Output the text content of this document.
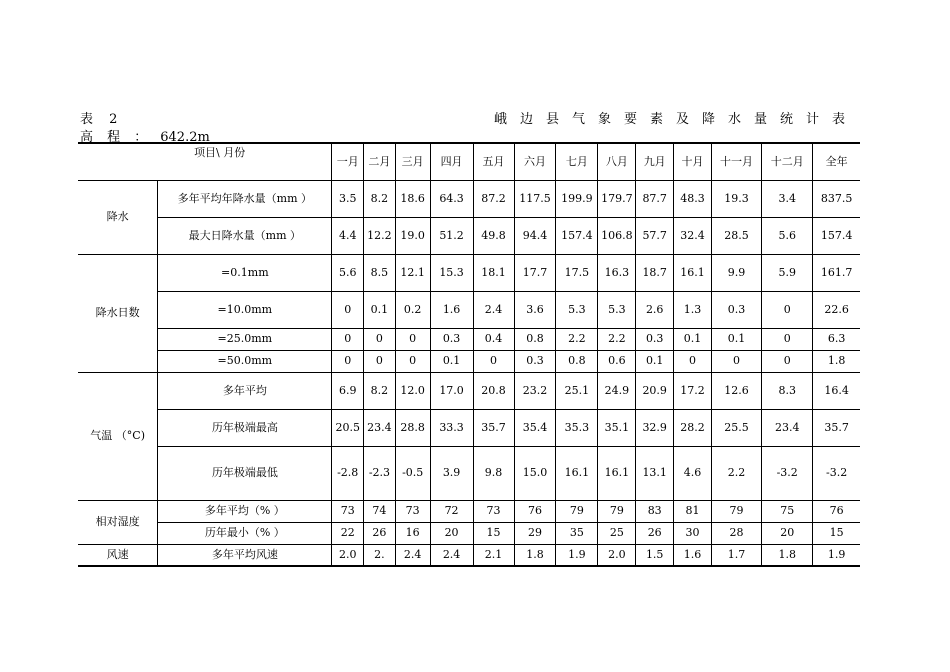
表 2	峨边县气象要素及降水量统计表
高 程 ： 642.2m
项目\ 月份		一月	二月	三月	四月	五月	六月	七月	八月	九月	十月	十一月	十二月	全年
降水	多年平均年降水量（mm ）	3.5	8.2	18.6	64.3	87.2	117.5	199.9	179.7	87.7	48.3	19.3	3.4	837.5
	最大日降水量（mm ）	4.4	12.2	19.0	51.2	49.8	94.4	157.4	106.8	57.7	32.4	28.5	5.6	157.4
降水日数	=0.1mm	5.6	8.5	12.1	15.3	18.1	17.7	17.5	16.3	18.7	16.1	9.9	5.9	161.7
	=10.0mm	0	0.1	0.2	1.6	2.4	3.6	5.3	5.3	2.6	1.3	0.3	0	22.6
	=25.0mm	0	0	0	0.3	0.4	0.8	2.2	2.2	0.3	0.1	0.1	0	6.3
	=50.0mm	0	0	0	0.1	0	0.3	0.8	0.6	0.1	0	0	0	1.8
气温 （°C)	多年平均	6.9	8.2	12.0	17.0	20.8	23.2	25.1	24.9	20.9	17.2	12.6	8.3	16.4
	历年极端最高	20.5	23.4	28.8	33.3	35.7	35.4	35.3	35.1	32.9	28.2	25.5	23.4	35.7
	历年极端最低	-2.8	-2.3	-0.5	3.9	9.8	15.0	16.1	16.1	13.1	4.6	2.2	-3.2	-3.2
相对湿度	多年平均（% ）	73	74	73	72	73	76	79	79	83	81	79	75	76
	历年最小（% ）	22	26	16	20	15	29	35	25	26	30	28	20	15
风速	多年平均风速	2.0	2.	2.4	2.4	2.1	1.8	1.9	2.0	1.5	1.6	1.7	1.8	1.9
